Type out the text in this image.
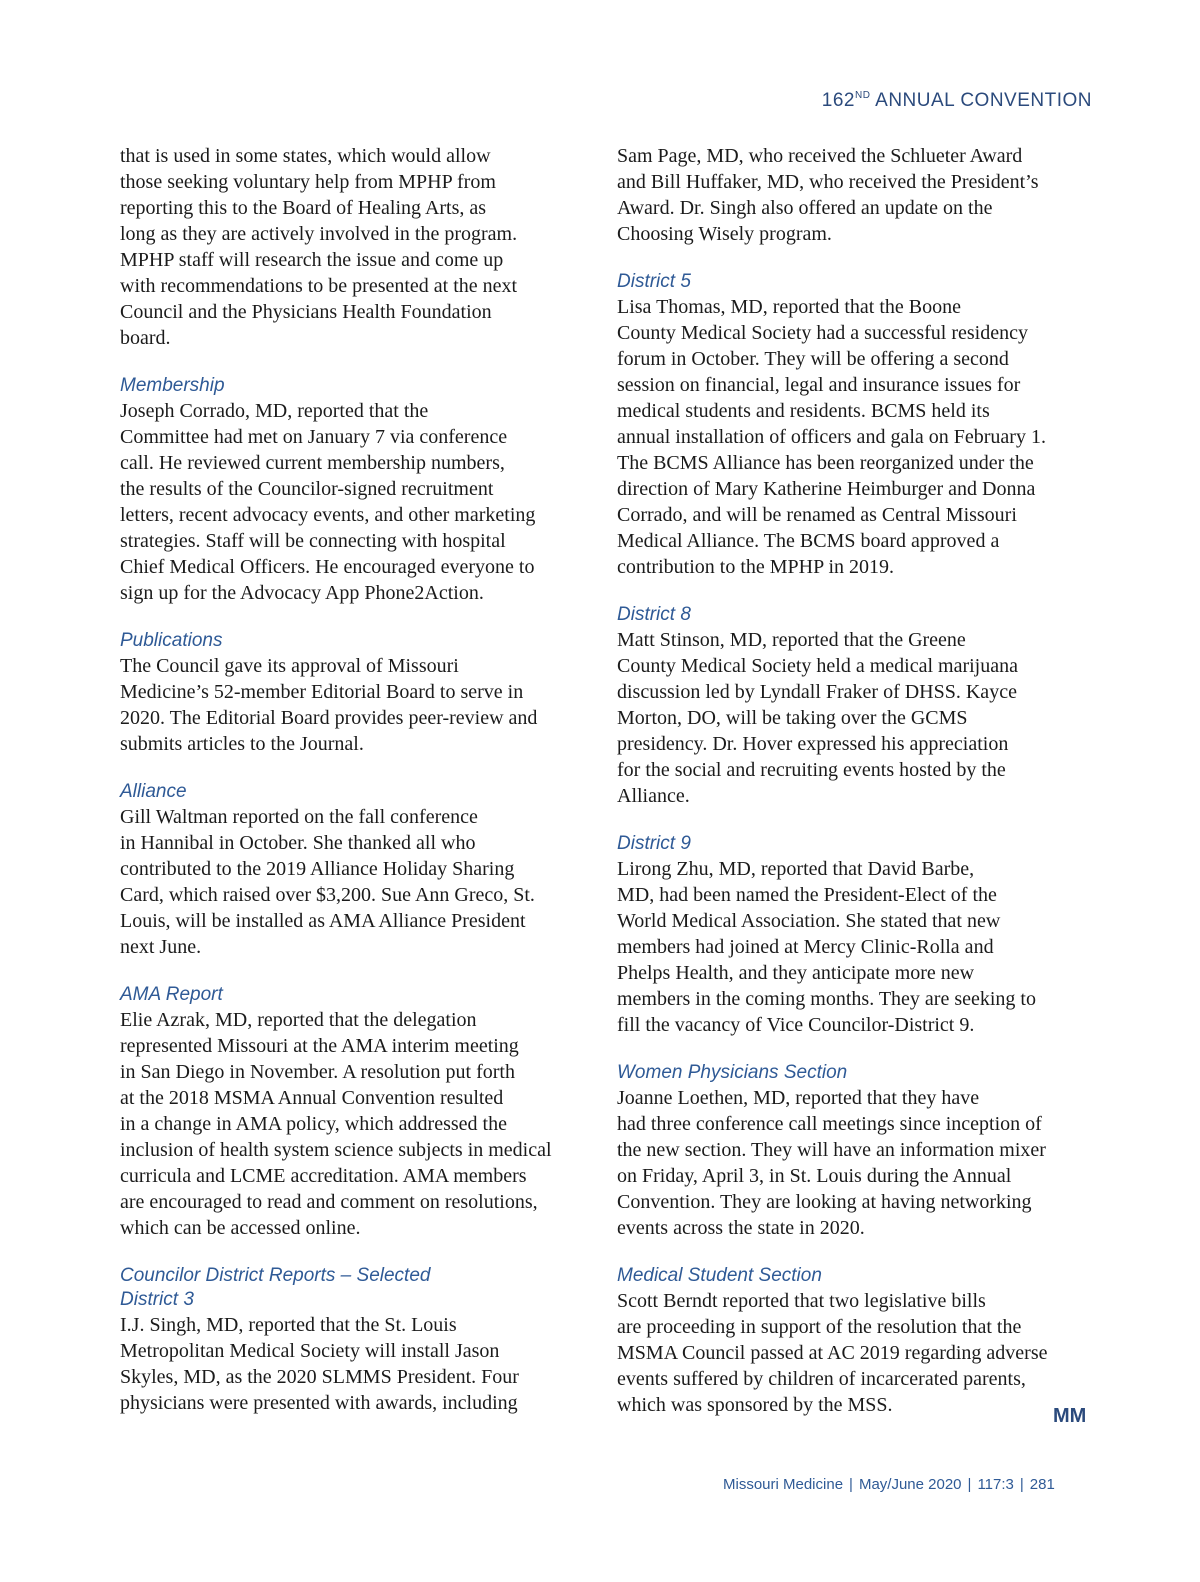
162ND ANNUAL CONVENTION

that is used in some states, which would allow
those seeking voluntary help from MPHP from
reporting this to the Board of Healing Arts, as
long as they are actively involved in the program.
MPHP staff will research the issue and come up
with recommendations to be presented at the next
Council and the Physicians Health Foundation
board.

Membership

Joseph Corrado, MD, reported that the
Committee had met on January 7 via conference
call. He reviewed current membership numbers,
the results of the Councilor-signed recruitment
letters, recent advocacy events, and other marketing
strategies. Staff will be connecting with hospital
Chief Medical Officers. He encouraged everyone to
sign up for the Advocacy App Phone2Action.

Publications

The Council gave its approval of Missouri
Medicine’s 52-member Editorial Board to serve in
2020. The Editorial Board provides peer-review and
submits articles to the Journal.

Alliance

Gill Waltman reported on the fall conference
in Hannibal in October. She thanked all who
contributed to the 2019 Alliance Holiday Sharing
Card, which raised over $3,200. Sue Ann Greco, St.
Louis, will be installed as AMA Alliance President
next June.

AMA Report

Elie Azrak, MD, reported that the delegation
represented Missouri at the AMA interim meeting
in San Diego in November. A resolution put forth
at the 2018 MSMA Annual Convention resulted
in a change in AMA policy, which addressed the
inclusion of health system science subjects in medical
curricula and LCME accreditation. AMA members
are encouraged to read and comment on resolutions,
which can be accessed online.

Councilor District Reports – Selected
District 3

I.J. Singh, MD, reported that the St. Louis
Metropolitan Medical Society will install Jason
Skyles, MD, as the 2020 SLMMS President. Four
physicians were presented with awards, including

Sam Page, MD, who received the Schlueter Award
and Bill Huffaker, MD, who received the President’s
Award. Dr. Singh also offered an update on the
Choosing Wisely program.

District 5

Lisa Thomas, MD, reported that the Boone
County Medical Society had a successful residency
forum in October. They will be offering a second
session on financial, legal and insurance issues for
medical students and residents. BCMS held its
annual installation of officers and gala on February 1.
The BCMS Alliance has been reorganized under the
direction of Mary Katherine Heimburger and Donna
Corrado, and will be renamed as Central Missouri
Medical Alliance. The BCMS board approved a
contribution to the MPHP in 2019.

District 8

Matt Stinson, MD, reported that the Greene
County Medical Society held a medical marijuana
discussion led by Lyndall Fraker of DHSS. Kayce
Morton, DO, will be taking over the GCMS
presidency. Dr. Hover expressed his appreciation
for the social and recruiting events hosted by the
Alliance.

District 9

Lirong Zhu, MD, reported that David Barbe,
MD, had been named the President-Elect of the
World Medical Association. She stated that new
members had joined at Mercy Clinic-Rolla and
Phelps Health, and they anticipate more new
members in the coming months. They are seeking to
fill the vacancy of Vice Councilor-District 9.

Women Physicians Section

Joanne Loethen, MD, reported that they have
had three conference call meetings since inception of
the new section. They will have an information mixer
on Friday, April 3, in St. Louis during the Annual
Convention. They are looking at having networking
events across the state in 2020.

Medical Student Section

Scott Berndt reported that two legislative bills
are proceeding in support of the resolution that the
MSMA Council passed at AC 2019 regarding adverse
events suffered by children of incarcerated parents,
which was sponsored by the MSS.	MM
Missouri Medicine | May/June 2020 | 117:3 | 281
